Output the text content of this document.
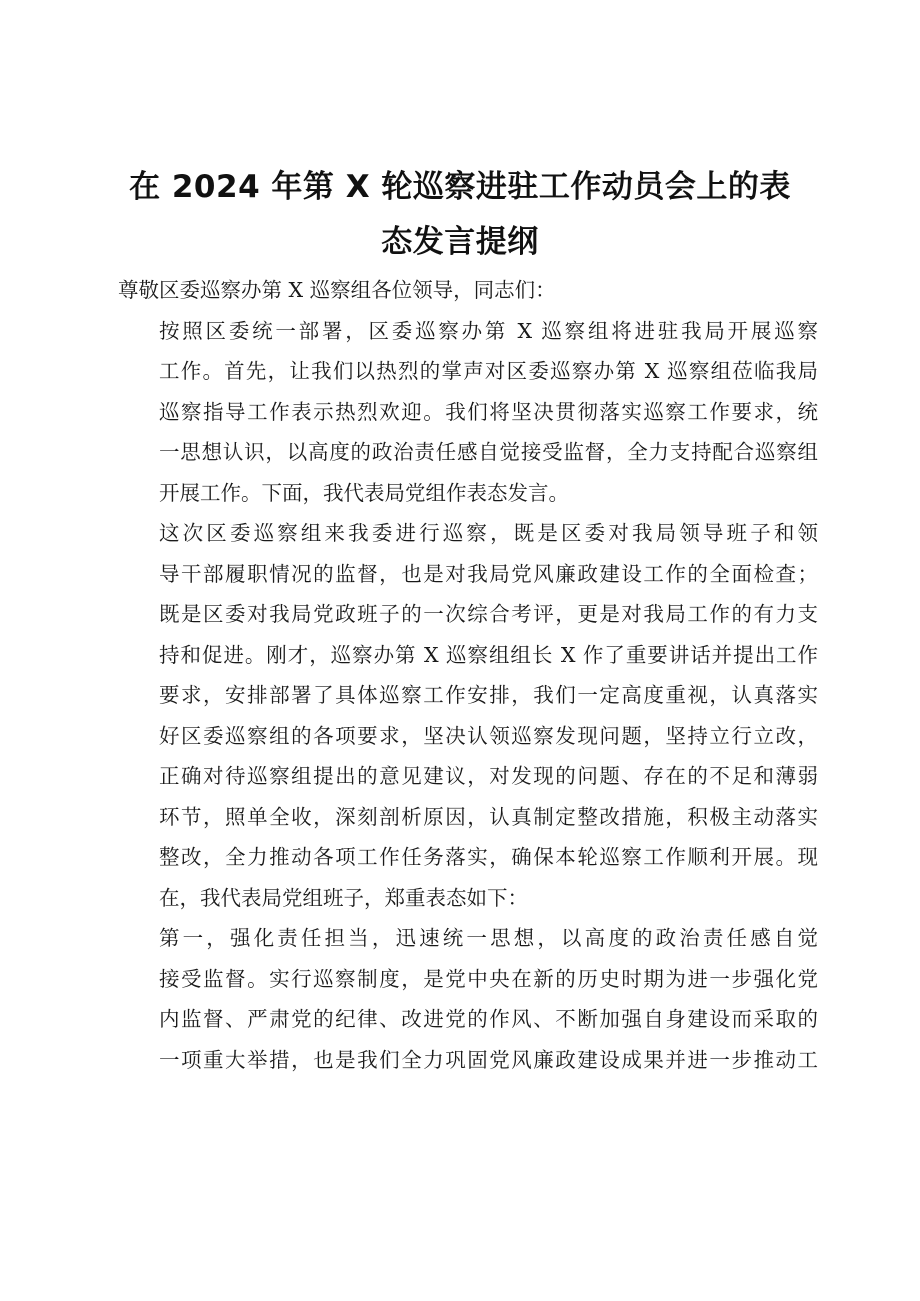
在 2024 年第 X 轮巡察进驻工作动员会上的表
态发言提纲

尊敬区委巡察办第 X 巡察组各位领导，同志们：

按照区委统一部署，区委巡察办第 X 巡察组将进驻我局开展巡察
工作。首先，让我们以热烈的掌声对区委巡察办第 X 巡察组莅临我局
巡察指导工作表示热烈欢迎。我们将坚决贯彻落实巡察工作要求，统
一思想认识，以高度的政治责任感自觉接受监督，全力支持配合巡察组
开展工作。下面，我代表局党组作表态发言。

这次区委巡察组来我委进行巡察，既是区委对我局领导班子和领
导干部履职情况的监督，也是对我局党风廉政建设工作的全面检查；
既是区委对我局党政班子的一次综合考评，更是对我局工作的有力支
持和促进。刚才，巡察办第 X 巡察组组长 X 作了重要讲话并提出工作
要求，安排部署了具体巡察工作安排，我们一定高度重视，认真落实
好区委巡察组的各项要求，坚决认领巡察发现问题，坚持立行立改，
正确对待巡察组提出的意见建议，对发现的问题、存在的不足和薄弱
环节，照单全收，深刻剖析原因，认真制定整改措施，积极主动落实
整改，全力推动各项工作任务落实，确保本轮巡察工作顺利开展。现
在，我代表局党组班子，郑重表态如下：

第一，强化责任担当，迅速统一思想，以高度的政治责任感自觉
接受监督。实行巡察制度，是党中央在新的历史时期为进一步强化党
内监督、严肃党的纪律、改进党的作风、不断加强自身建设而采取的
一项重大举措，也是我们全力巩固党风廉政建设成果并进一步推动工
